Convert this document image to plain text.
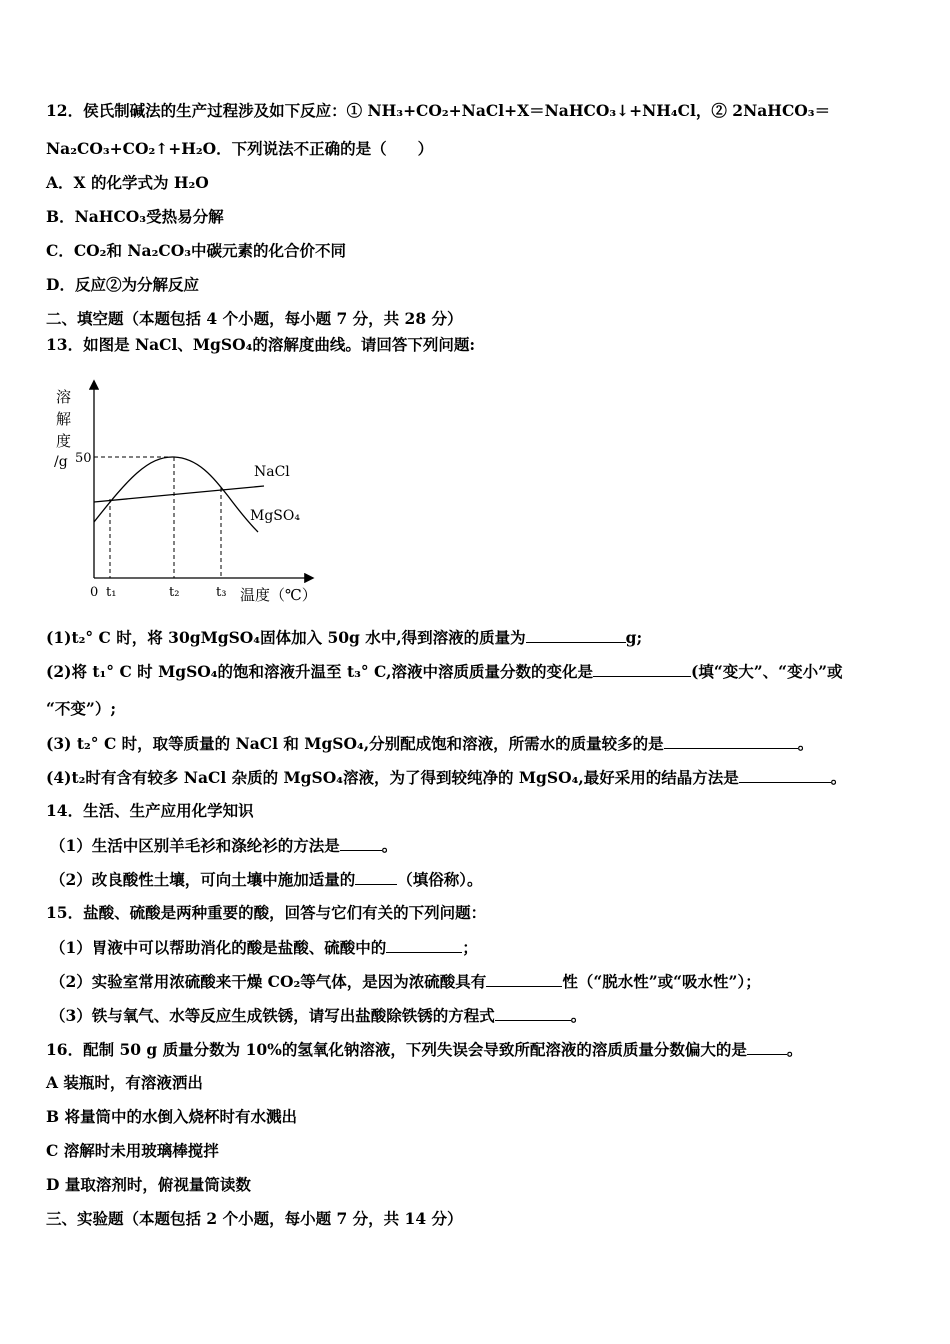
12．侯氏制碱法的生产过程涉及如下反应：① NH₃+CO₂+NaCl+X＝NaHCO₃↓+NH₄Cl，② 2NaHCO₃＝
Na₂CO₃+CO₂↑+H₂O．下列说法不正确的是（　　）
A．X 的化学式为 H₂O
B．NaHCO₃受热易分解
C．CO₂和 Na₂CO₃中碳元素的化合价不同
D．反应②为分解反应
二、填空题（本题包括 4 个小题，每小题 7 分，共 28 分）
13．如图是 NaCl、MgSO₄的溶解度曲线。请回答下列问题:
溶
解
度
/g 50
NaCl
MgSO₄
0 t₁	t₂	t₃ 温度（℃）
(1)t₂° C 时，将 30gMgSO₄固体加入 50g 水中,得到溶液的质量为	g;
(2)将 t₁° C 时 MgSO₄的饱和溶液升温至 t₃° C,溶液中溶质质量分数的变化是	(填“变大”、“变小”或
“不变”）;
(3) t₂° C 时，取等质量的 NaCl 和 MgSO₄,分别配成饱和溶液，所需水的质量较多的是	。
(4)t₂时有含有较多 NaCl 杂质的 MgSO₄溶液，为了得到较纯净的 MgSO₄,最好采用的结晶方法是	。
14．生活、生产应用化学知识
（1）生活中区别羊毛衫和涤纶衫的方法是	。
（2）改良酸性土壤，可向土壤中施加适量的	（填俗称）。
15．盐酸、硫酸是两种重要的酸，回答与它们有关的下列问题：
（1）胃液中可以帮助消化的酸是盐酸、硫酸中的	；
（2）实验室常用浓硫酸来干燥 CO₂等气体，是因为浓硫酸具有	性（“脱水性”或“吸水性”）；
（3）铁与氧气、水等反应生成铁锈，请写出盐酸除铁锈的方程式	。
16．配制 50 g 质量分数为 10%的氢氧化钠溶液，下列失误会导致所配溶液的溶质质量分数偏大的是	。
A 装瓶时，有溶液洒出
B 将量筒中的水倒入烧杯时有水溅出
C 溶解时未用玻璃棒搅拌
D 量取溶剂时，俯视量筒读数
三、实验题（本题包括 2 个小题，每小题 7 分，共 14 分）
